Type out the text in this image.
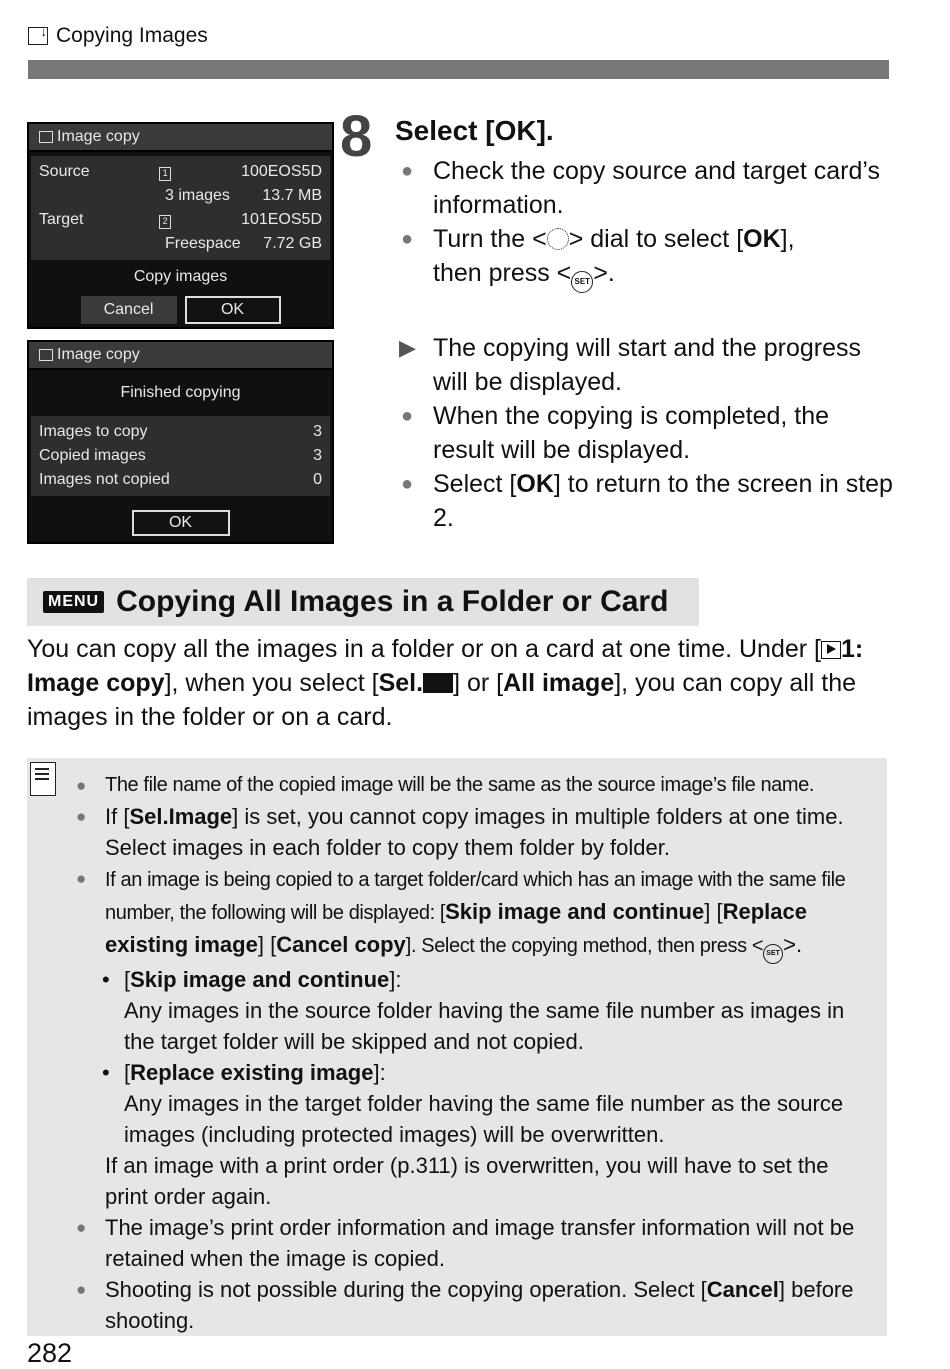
↓
Copying Images
Image copy
Source	1	100EOS5D
3 images	13.7 MB
Target	2	101EOS5D
Freespace	7.72 GB
Copy images
Cancel	OK
Image copy
Finished copying
Images to copy	3
Copied images	3
Images not copied	0
OK
8 Select [OK].
● Check the copy source and target card’s information.
● Turn the < > dial to select [OK],
then press < SET >.
▶ The copying will start and the progress will be displayed.
● When the copying is completed, the result will be displayed.
● Select [OK] to return to the screen in step 2.
MENU Copying All Images in a Folder or Card
You can copy all the images in a folder or on a card at one time. Under [ 1: Image copy], when you select [Sel. ] or [All image], you can copy all the images in the folder or on a card.
● The file name of the copied image will be the same as the source image’s file name.
● If [Sel.Image] is set, you cannot copy images in multiple folders at one time. Select images in each folder to copy them folder by folder.
● If an image is being copied to a target folder/card which has an image with the same file number, the following will be displayed: [Skip image and continue] [Replace existing image] [Cancel copy]. Select the copying method, then press < SET >.
• [Skip image and continue]:
Any images in the source folder having the same file number as images in the target folder will be skipped and not copied.
• [Replace existing image]:
Any images in the target folder having the same file number as the source images (including protected images) will be overwritten.
If an image with a print order (p.311) is overwritten, you will have to set the print order again.
● The image’s print order information and image transfer information will not be retained when the image is copied.
● Shooting is not possible during the copying operation. Select [Cancel] before shooting.
282
